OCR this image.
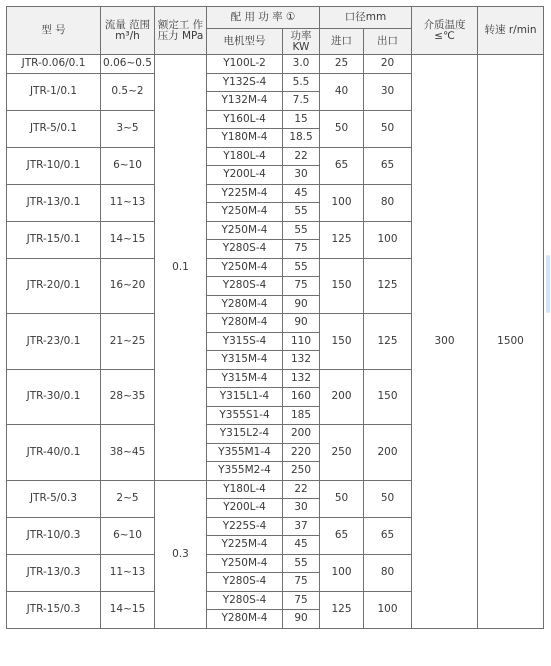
型 号	流量 范围 m³/h	额定工 作压力 MPa	配 用 功 率 ①		口径mm		介质温度 ≤℃	转速 r/min
			电机型号	功率 KW	进口	出口		
JTR-0.06/0.1	0.06~0.5	0.1	Y100L-2	3.0	25	20	300	1500
JTR-1/0.1	0.5~2		Y132S-4	5.5	40	30		
			Y132M-4	7.5				
JTR-5/0.1	3~5		Y160L-4	15	50	50		
			Y180M-4	18.5				
JTR-10/0.1	6~10		Y180L-4	22	65	65		
			Y200L-4	30				
JTR-13/0.1	11~13		Y225M-4	45	100	80		
			Y250M-4	55				
JTR-15/0.1	14~15		Y250M-4	55	125	100		
			Y280S-4	75				
JTR-20/0.1	16~20		Y250M-4	55	150	125		
			Y280S-4	75				
			Y280M-4	90				
JTR-23/0.1	21~25		Y280M-4	90	150	125		
			Y315S-4	110				
			Y315M-4	132				
JTR-30/0.1	28~35		Y315M-4	132	200	150		
			Y315L1-4	160				
			Y355S1-4	185				
JTR-40/0.1	38~45		Y315L2-4	200	250	200		
			Y355M1-4	220				
			Y355M2-4	250				
JTR-5/0.3	2~5	0.3	Y180L-4	22	50	50		
			Y200L-4	30				
JTR-10/0.3	6~10		Y225S-4	37	65	65		
			Y225M-4	45				
JTR-13/0.3	11~13		Y250M-4	55	100	80		
			Y280S-4	75				
JTR-15/0.3	14~15		Y280S-4	75	125	100		
			Y280M-4	90				
